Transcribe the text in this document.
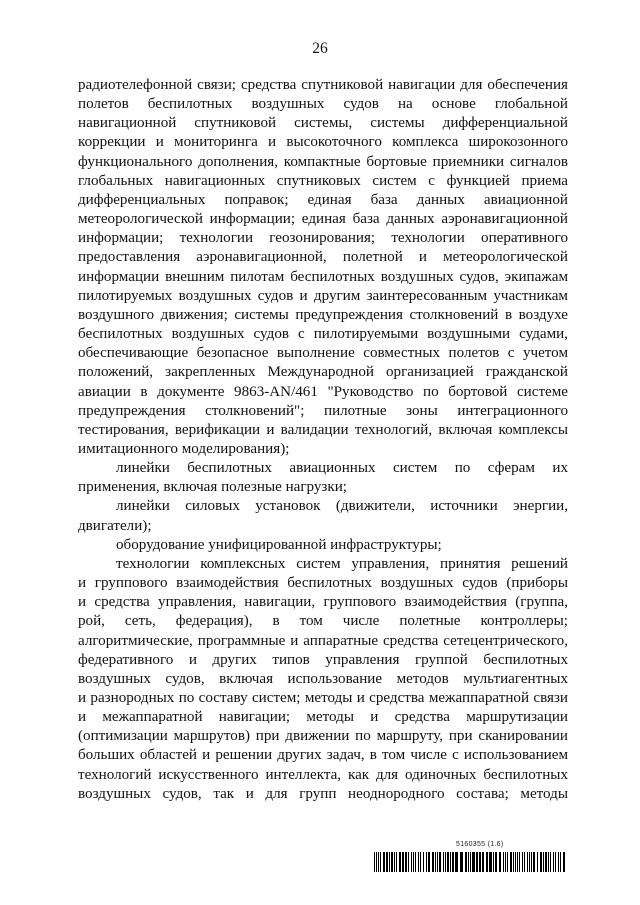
26
радиотелефонной связи; средства спутниковой навигации для обеспечения
полетов беспилотных воздушных судов на основе глобальной
навигационной спутниковой системы, системы дифференциальной
коррекции и мониторинга и высокоточного комплекса широкозонного
функционального дополнения, компактные бортовые приемники сигналов
глобальных навигационных спутниковых систем с функцией приема
дифференциальных поправок; единая база данных авиационной
метеорологической информации; единая база данных аэронавигационной
информации; технологии геозонирования; технологии оперативного
предоставления аэронавигационной, полетной и метеорологической
информации внешним пилотам беспилотных воздушных судов, экипажам
пилотируемых воздушных судов и другим заинтересованным участникам
воздушного движения; системы предупреждения столкновений в воздухе
беспилотных воздушных судов с пилотируемыми воздушными судами,
обеспечивающие безопасное выполнение совместных полетов с учетом
положений, закрепленных Международной организацией гражданской
авиации в документе 9863-AN/461 "Руководство по бортовой системе
предупреждения столкновений"; пилотные зоны интеграционного
тестирования, верификации и валидации технологий, включая комплексы
имитационного моделирования);
линейки беспилотных авиационных систем по сферам их
применения, включая полезные нагрузки;
линейки силовых установок (движители, источники энергии,
двигатели);
оборудование унифицированной инфраструктуры;
технологии комплексных систем управления, принятия решений
и группового взаимодействия беспилотных воздушных судов (приборы
и средства управления, навигации, группового взаимодействия (группа,
рой, сеть, федерация), в том числе полетные контроллеры;
алгоритмические, программные и аппаратные средства сетецентрического,
федеративного и других типов управления группой беспилотных
воздушных судов, включая использование методов мультиагентных
и разнородных по составу систем; методы и средства межаппаратной связи
и межаппаратной навигации; методы и средства маршрутизации
(оптимизации маршрутов) при движении по маршруту, при сканировании
больших областей и решении других задач, в том числе с использованием
технологий искусственного интеллекта, как для одиночных беспилотных
воздушных судов, так и для групп неоднородного состава; методы
5160355 (1.6)
